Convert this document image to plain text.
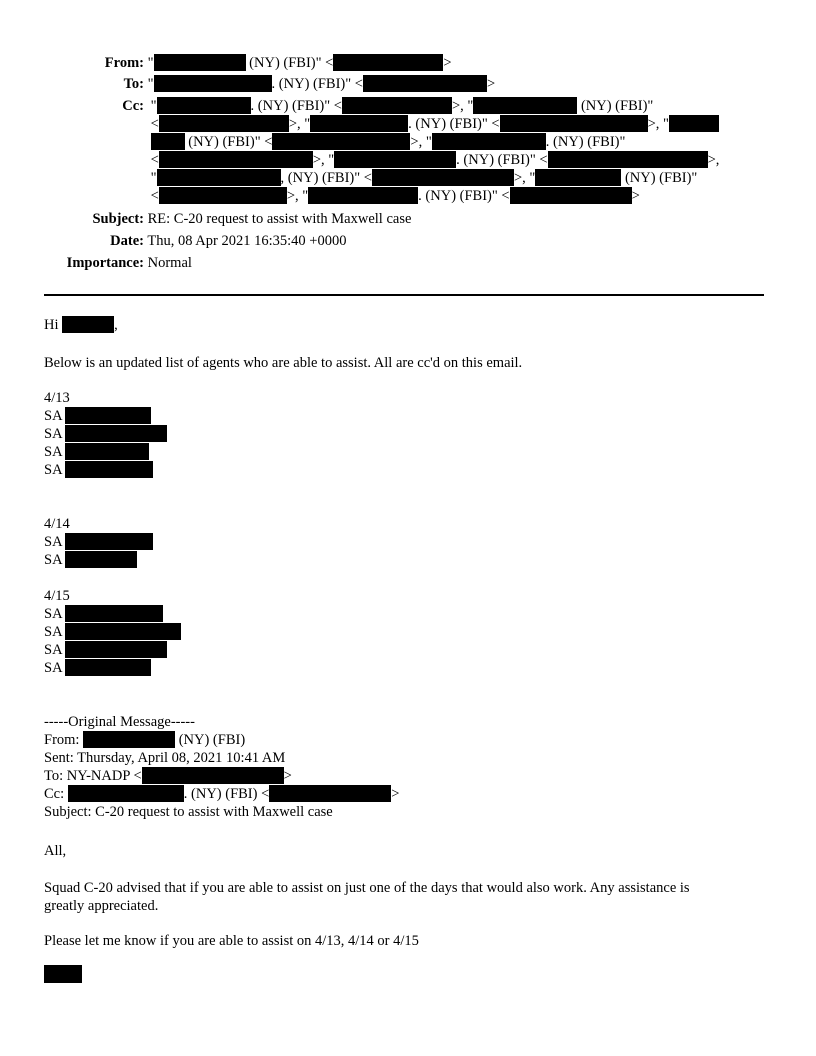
From: "	(NY) (FBI)" <	>
To: "	. (NY) (FBI)" <	>
Cc: "	. (NY) (FBI)" <	>, "	(NY) (FBI)"
<	>, "	. (NY) (FBI)" <	>, "
(NY) (FBI)" <	>, "	. (NY) (FBI)"
<	>, "	. (NY) (FBI)" <	>,
"	, (NY) (FBI)" <	>, "	(NY) (FBI)"
<	>, "	. (NY) (FBI)" <	>
Subject: RE: C-20 request to assist with Maxwell case
Date: Thu, 08 Apr 2021 16:35:40 +0000
Importance: Normal
Hi	,
Below is an updated list of agents who are able to assist. All are cc'd on this email.
4/13
SA
SA
SA
SA
4/14
SA
SA
4/15
SA
SA
SA
SA
-----Original Message-----
From:	(NY) (FBI)
Sent: Thursday, April 08, 2021 10:41 AM
To: NY-NADP <	>
Cc:	. (NY) (FBI) <	>
Subject: C-20 request to assist with Maxwell case
All,
Squad C-20 advised that if you are able to assist on just one of the days that would also work. Any assistance is
greatly appreciated.
Please let me know if you are able to assist on 4/13, 4/14 or 4/15
